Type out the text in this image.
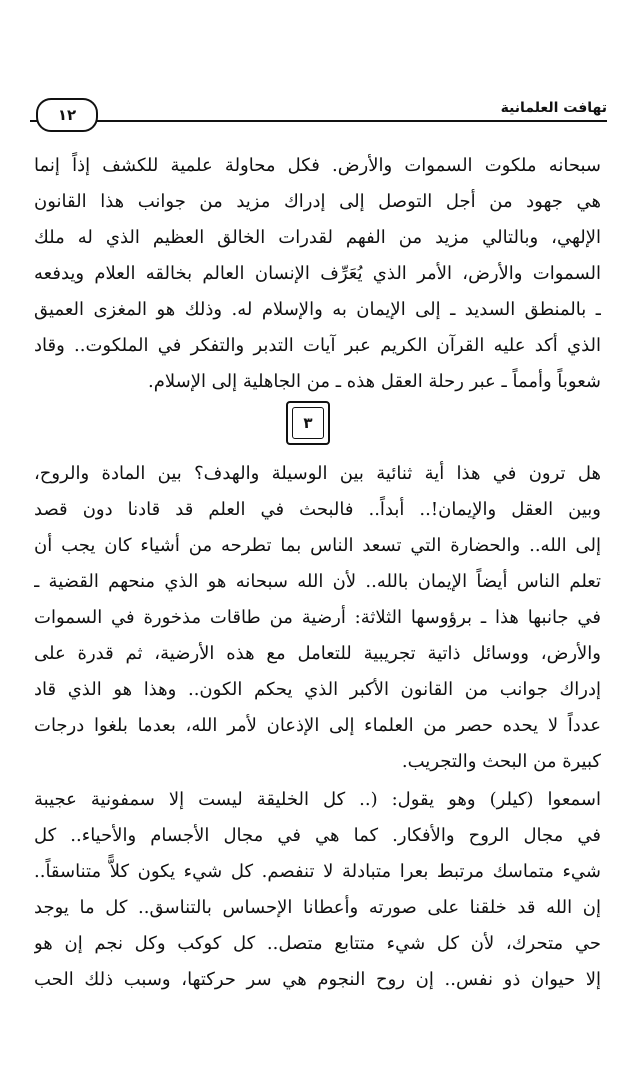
تهافت العلمانية
١٢
سبحانه ملكوت السموات والأرض. فكل محاولة علمية للكشف إذاً إنما
هي جهود من أجل التوصل إلى إدراك مزيد من جوانب هذا القانون
الإلهي، وبالتالي مزيد من الفهم لقدرات الخالق العظيم الذي له ملك
السموات والأرض، الأمر الذي يُعَرِّف الإنسان العالم بخالقه العلام ويدفعه
ـ بالمنطق السديد ـ إلى الإيمان به والإسلام له. وذلك هو المغزى العميق
الذي أكد عليه القرآن الكريم عبر آيات التدبر والتفكر في الملكوت.. وقاد
شعوباً وأمماً ـ عبر رحلة العقل هذه ـ من الجاهلية إلى الإسلام.
٣
هل ترون في هذا أية ثنائية بين الوسيلة والهدف؟ بين المادة والروح،
وبين العقل والإيمان!.. أبداً.. فالبحث في العلم قد قادنا دون قصد
إلى الله.. والحضارة التي تسعد الناس بما تطرحه من أشياء كان يجب أن
تعلم الناس أيضاً الإيمان بالله.. لأن الله سبحانه هو الذي منحهم القضية ـ
في جانبها هذا ـ برؤوسها الثلاثة: أرضية من طاقات مذخورة في السموات
والأرض، ووسائل ذاتية تجريبية للتعامل مع هذه الأرضية، ثم قدرة على
إدراك جوانب من القانون الأكبر الذي يحكم الكون.. وهذا هو الذي قاد
عدداً لا يحده حصر من العلماء إلى الإذعان لأمر الله، بعدما بلغوا درجات
كبيرة من البحث والتجريب.
اسمعوا (كيلر) وهو يقول: (.. كل الخليقة ليست إلا سمفونية عجيبة
في مجال الروح والأفكار. كما هي في مجال الأجسام والأحياء.. كل
شيء متماسك مرتبط بعرا متبادلة لا تنفصم. كل شيء يكون كلاًّ متناسقاً..
إن الله قد خلقنا على صورته وأعطانا الإحساس بالتناسق.. كل ما يوجد
حي متحرك، لأن كل شيء متتابع متصل.. كل كوكب وكل نجم إن هو
إلا حيوان ذو نفس.. إن روح النجوم هي سر حركتها، وسبب ذلك الحب
